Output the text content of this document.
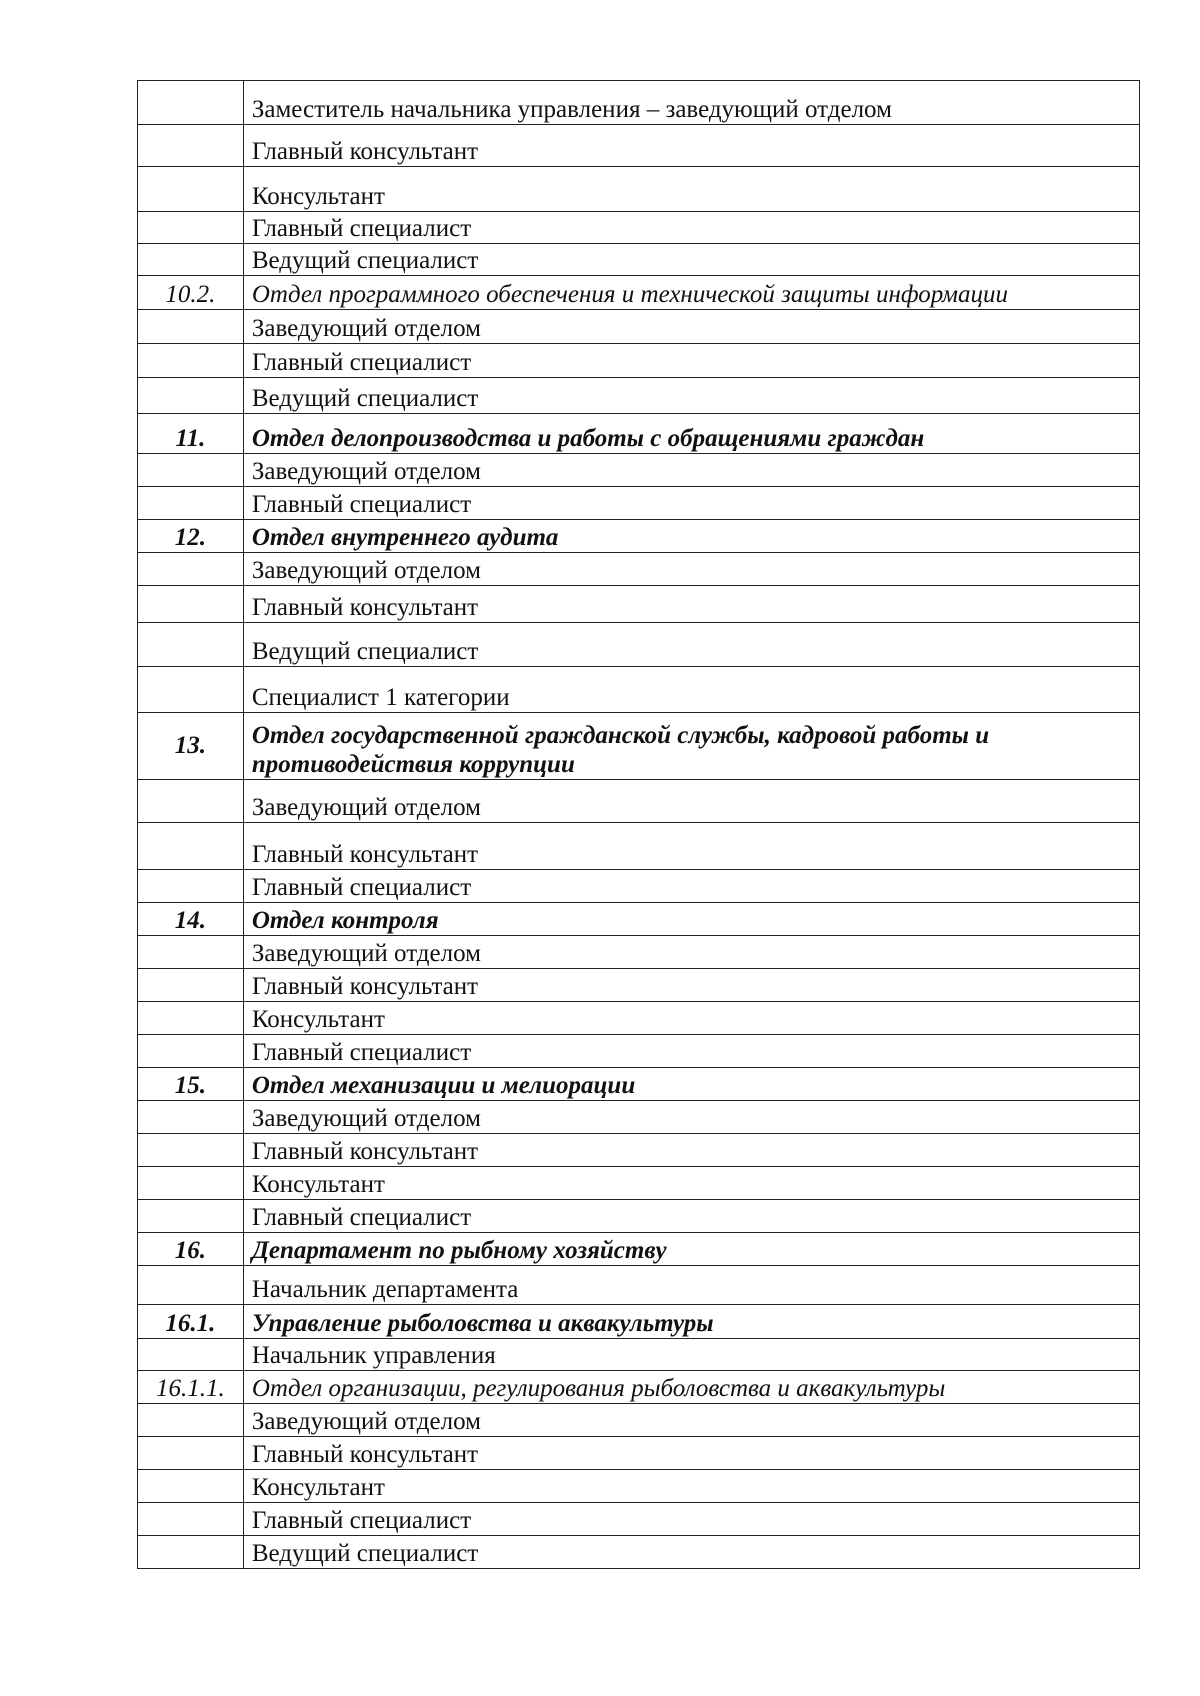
	Заместитель начальника управления – заведующий отделом
	Главный консультант
	Консультант
	Главный специалист
	Ведущий специалист
10.2.	Отдел программного обеспечения и технической защиты информации
	Заведующий отделом
	Главный специалист
	Ведущий специалист
11.	Отдел делопроизводства и работы с обращениями граждан
	Заведующий отделом
	Главный специалист
12.	Отдел внутреннего аудита
	Заведующий отделом
	Главный консультант
	Ведущий специалист
	Специалист 1 категории
13.	Отдел государственной гражданской службы, кадровой работы и противодействия коррупции
	Заведующий отделом
	Главный консультант
	Главный специалист
14.	Отдел контроля
	Заведующий отделом
	Главный консультант
	Консультант
	Главный специалист
15.	Отдел механизации и мелиорации
	Заведующий отделом
	Главный консультант
	Консультант
	Главный специалист
16.	Департамент по рыбному хозяйству
	Начальник департамента
16.1.	Управление рыболовства и аквакультуры
	Начальник управления
16.1.1.	Отдел организации, регулирования рыболовства и аквакультуры
	Заведующий отделом
	Главный консультант
	Консультант
	Главный специалист
	Ведущий специалист
